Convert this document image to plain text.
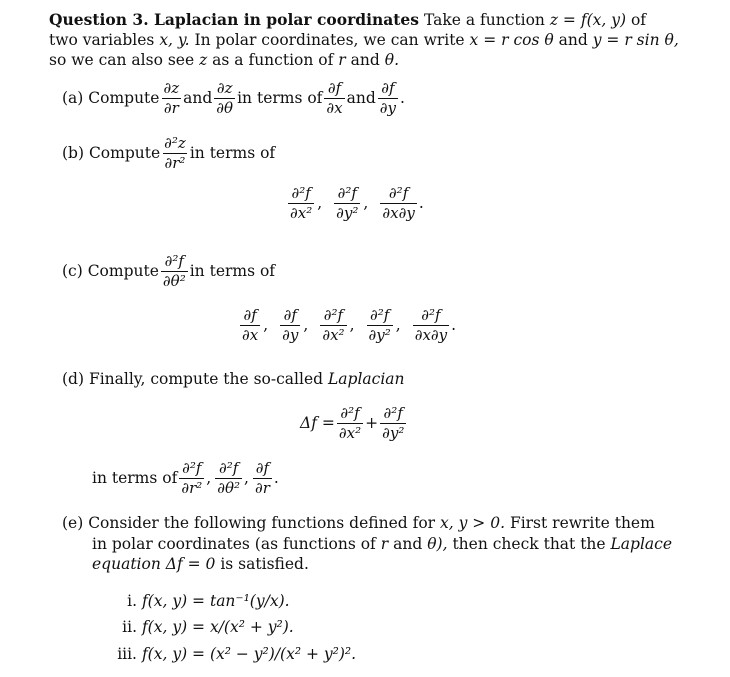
Question 3. Laplacian in polar coordinates Take a function z = f(x, y) of
two variables x, y. In polar coordinates, we can write x = r cos θ and y = r sin θ,
so we can also see z as a function of r and θ.
(a) Compute
∂z
∂r
and
∂z
∂θ
in terms of
∂f
∂x
and
∂f
∂y
.
(b) Compute
∂²z
∂r²
in terms of
∂²f
∂x²
,
∂²f
∂y²
,
∂²f
∂x∂y
.
(c) Compute
∂²f
∂θ²
in terms of
∂f
∂x
,
∂f
∂y
,
∂²f
∂x²
,
∂²f
∂y²
,
∂²f
∂x∂y
.
(d) Finally, compute the so-called Laplacian
$\Delta f = \frac{\text{∂²f}}{\text{∂x²}} + \frac{\text{∂²f}}{\text{∂y²}}$
in terms of
∂²f
∂r²
,
∂²f
∂θ²
,
∂f
∂r
.
(e) Consider the following functions defined for x, y > 0. First rewrite them
in polar coordinates (as functions of r and θ), then check that the Laplace
equation Δf = 0 is satisfied.
i. f(x, y) = tan⁻¹(y/x).
ii. f(x, y) = x/(x² + y²).
iii. f(x, y) = (x² − y²)/(x² + y²)².
